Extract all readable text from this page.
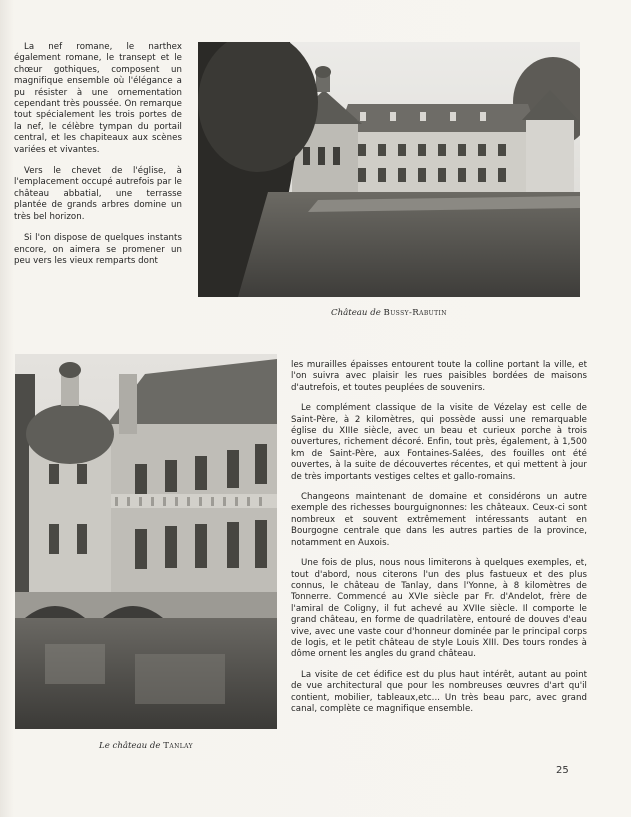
La nef romane, le narthex également romane, le transept et le chœur gothiques, composent un magnifique ensemble où l'élégance a pu résister à une ornementation cependant très poussée. On remarque tout spécialement les trois portes de la nef, le célèbre tympan du portail central, et les chapiteaux aux scènes variées et vivantes.

Vers le chevet de l'église, à l'emplacement occupé autrefois par le château abbatial, une terrasse plantée de grands arbres domine un très bel horizon.

Si l'on dispose de quelques instants encore, on aimera se promener un peu vers les vieux remparts dont

Château de Bussy-Rabutin
Le château de Tanlay

les murailles épaisses entourent toute la colline portant la ville, et l'on suivra avec plaisir les rues paisibles bordées de maisons d'autrefois, et toutes peuplées de souvenirs.

Le complément classique de la visite de Vézelay est celle de Saint-Père, à 2 kilomètres, qui possède aussi une remarquable église du XIIIe siècle, avec un beau et curieux porche à trois ouvertures, richement décoré. Enfin, tout près, également, à 1,500 km de Saint-Père, aux Fontaines-Salées, des fouilles ont été ouvertes, à la suite de découvertes récentes, et qui mettent à jour de très importants vestiges celtes et gallo-romains.

Changeons maintenant de domaine et considérons un autre exemple des richesses bourguignonnes: les châteaux. Ceux-ci sont nombreux et souvent extrêmement intéressants autant en Bourgogne centrale que dans les autres parties de la province, notamment en Auxois.

Une fois de plus, nous nous limiterons à quelques exemples, et, tout d'abord, nous citerons l'un des plus fastueux et des plus connus, le château de Tanlay, dans l'Yonne, à 8 kilomètres de Tonnerre. Commencé au XVIe siècle par Fr. d'Andelot, frère de l'amiral de Coligny, il fut achevé au XVIIe siècle. Il comporte le grand château, en forme de quadrilatère, entouré de douves d'eau vive, avec une vaste cour d'honneur dominée par le principal corps de logis, et le petit château de style Louis XIII. Des tours rondes à dôme ornent les angles du grand château.

La visite de cet édifice est du plus haut intérêt, autant au point de vue architectural que pour les nombreuses œuvres d'art qu'il contient, mobilier, tableaux,etc... Un très beau parc, avec grand canal, complète ce magnifique ensemble.

25
